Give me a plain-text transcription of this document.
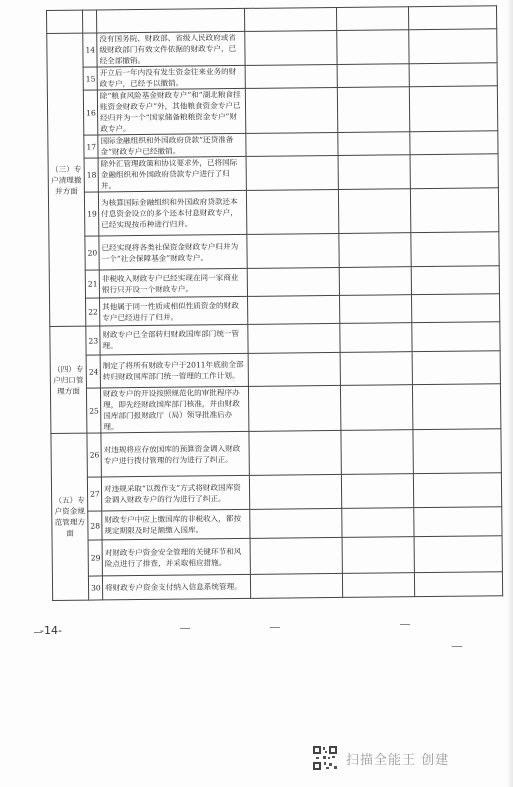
（三）专户清理撤并方面	14	没有国务院、财政部、省级人民政府或省级财政部门有效文件依据的财政专户，已经全部撤销。			
	15	开立后一年内没有发生资金往来业务的财政专户，已经予以撤销。			
	16	除“粮食风险基金财政专户”和“湖北粮食挂账资金财政专户”外，其他粮食资金专户已经归并为一个“国家储备粮粮资金专户”财政专户。			
	17	国际金融组织和外国政府贷款“还贷准备金”财政专户已经撤销。			
	18	除外汇管理政策和协议要求外，已将国际金融组织和外国政府贷款专户进行了归并。			
	19	为核算国际金融组织和外国政府贷款还本付息资金设立的多个还本付息财政专户，已经实现按币种进行归并。			
	20	已经实现将各类社保资金财政专户归并为一个“社会保障基金”财政专户。			
	21	非税收入财政专户已经实现在同一家商业银行只开设一个财政专户。			
	22	其他属于同一性质或相似性质资金的财政专户已经进行了归并。			
（四）专户归口管理方面	23	财政专户已全部转归财政国库部门统一管理。			
	24	制定了将所有财政专户于2011年底前全部转归财政国库部门统一管理的工作计划。			
	25	财政专户的开设按照规范化的审批程序办理，即先经财政国库部门核准，并由财政国库部门报财政厅（局）领导批准后办理。			
（五）专户资金规范管理方面	26	对违规将应存放国库的预算资金调入财政专户进行拨付管理的行为进行了纠正。			
	27	对违规采取“以拨作支”方式将财政国库资金调入财政专户的行为进行了纠正。			
	28	财政专户中应上缴国库的非税收入，都按规定期限及时足额缴入国库。			
	29	对财政专户资金安全管理的关键环节和风险点进行了排查，并采取相应措施。			
	30	将财政专户资金支付纳入信息系统管理。			
-14-
扫描全能王 创建
